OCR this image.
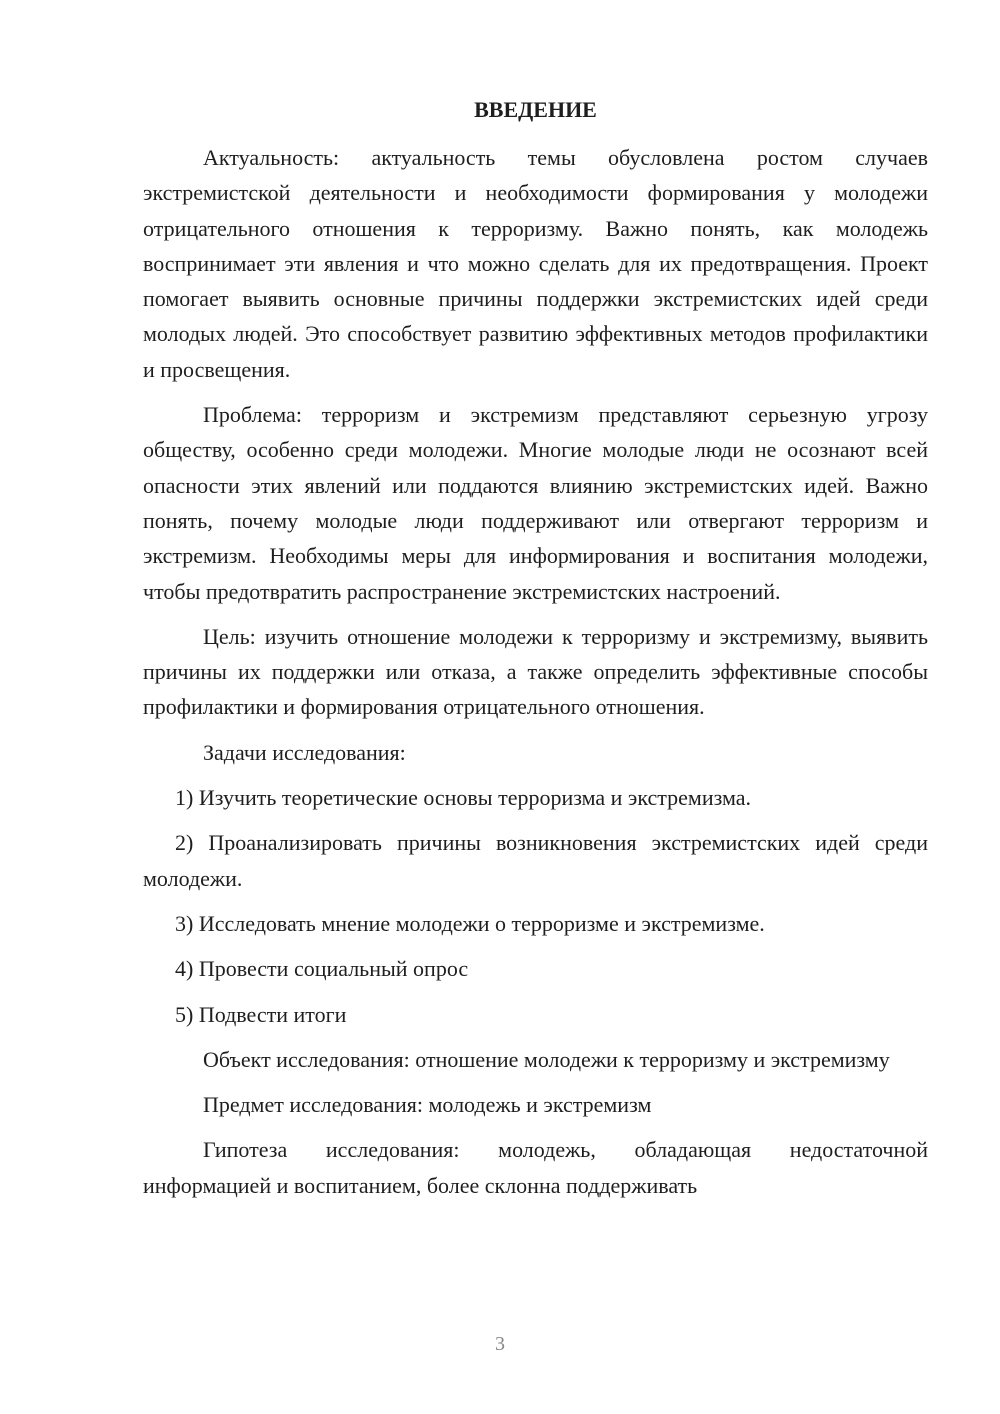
ВВЕДЕНИЕ

Актуальность: актуальность темы обусловлена ростом случаев экстремистской деятельности и необходимости формирования у молодежи отрицательного отношения к терроризму. Важно понять, как молодежь воспринимает эти явления и что можно сделать для их предотвращения. Проект помогает выявить основные причины поддержки экстремистских идей среди молодых людей. Это способствует развитию эффективных методов профилактики и просвещения.

Проблема: терроризм и экстремизм представляют серьезную угрозу обществу, особенно среди молодежи. Многие молодые люди не осознают всей опасности этих явлений или поддаются влиянию экстремистских идей. Важно понять, почему молодые люди поддерживают или отвергают терроризм и экстремизм. Необходимы меры для информирования и воспитания молодежи, чтобы предотвратить распространение экстремистских настроений.

Цель: изучить отношение молодежи к терроризму и экстремизму, выявить причины их поддержки или отказа, а также определить эффективные способы профилактики и формирования отрицательного отношения.

Задачи исследования:

1) Изучить теоретические основы терроризма и экстремизма.

2) Проанализировать причины возникновения экстремистских идей среди молодежи.

3) Исследовать мнение молодежи о терроризме и экстремизме.

4) Провести социальный опрос

5) Подвести итоги

Объект исследования: отношение молодежи к терроризму и экстремизму

Предмет исследования: молодежь и экстремизм

Гипотеза исследования: молодежь, обладающая недостаточной информацией и воспитанием, более склонна поддерживать

3
